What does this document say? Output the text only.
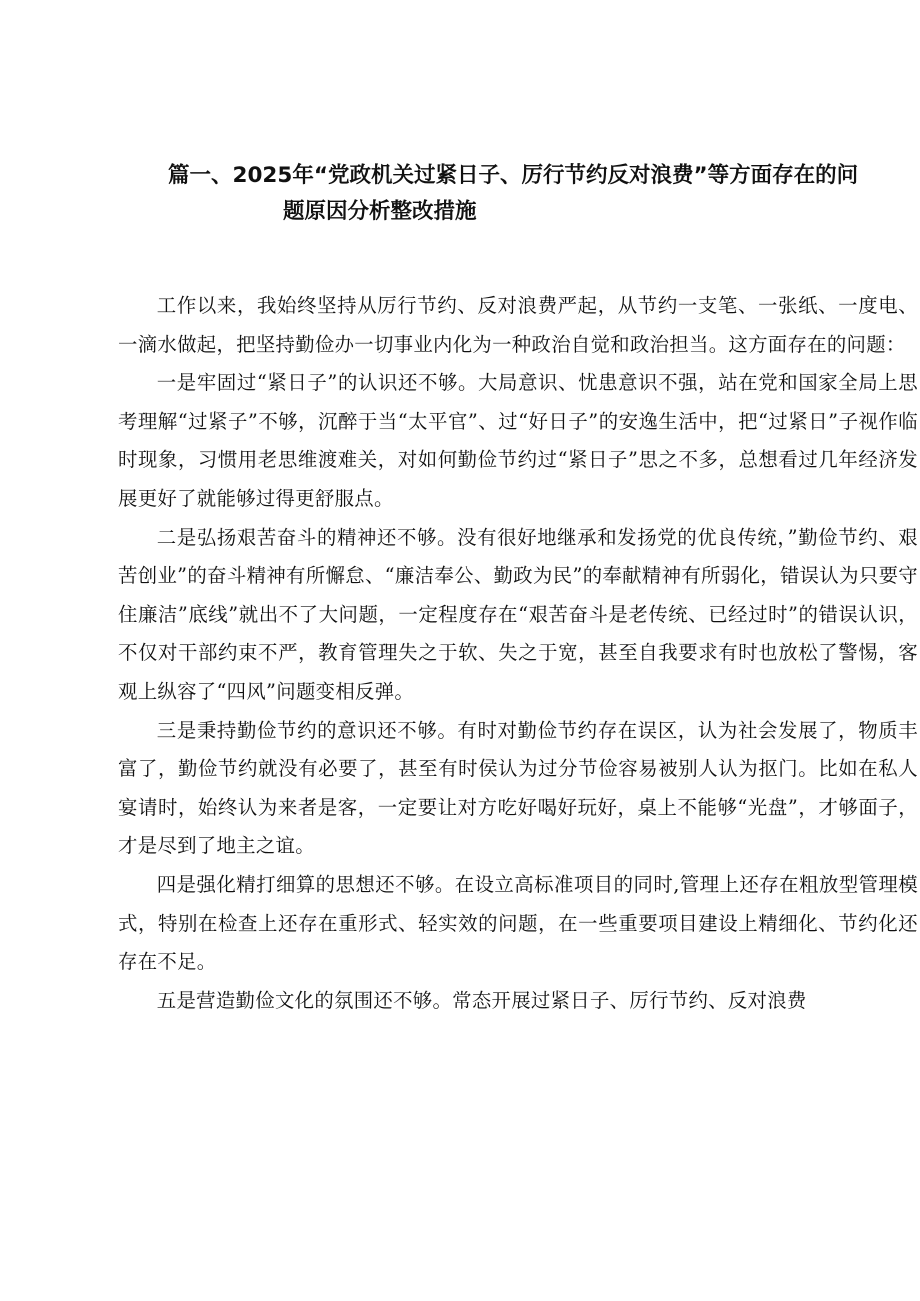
篇一、2025年“党政机关过紧日子、厉行节约反对浪费”等方面存在的问
题原因分析整改措施

工作以来，我始终坚持从厉行节约、反对浪费严起，从节约一支笔、一张纸、一度电、一滴水做起，把坚持勤俭办一切事业内化为一种政治自觉和政治担当。这方面存在的问题：

一是牢固过“紧日子”的认识还不够。大局意识、忧患意识不强，站在党和国家全局上思考理解“过紧子”不够，沉醉于当“太平官”、过“好日子”的安逸生活中，把“过紧日”子视作临时现象，习惯用老思维渡难关，对如何勤俭节约过“紧日子”思之不多，总想看过几年经济发展更好了就能够过得更舒服点。

二是弘扬艰苦奋斗的精神还不够。没有很好地继承和发扬党的优良传统，”勤俭节约、艰苦创业”的奋斗精神有所懈怠、“廉洁奉公、勤政为民”的奉献精神有所弱化，错误认为只要守住廉洁”底线”就出不了大问题，一定程度存在“艰苦奋斗是老传统、已经过时”的错误认识，不仅对干部约束不严，教育管理失之于软、失之于宽，甚至自我要求有时也放松了警惕，客观上纵容了“四风”问题变相反弹。

三是秉持勤俭节约的意识还不够。有时对勤俭节约存在误区，认为社会发展了，物质丰富了，勤俭节约就没有必要了，甚至有时侯认为过分节俭容易被别人认为抠门。比如在私人宴请时，始终认为来者是客，一定要让对方吃好喝好玩好，桌上不能够“光盘”，才够面子，才是尽到了地主之谊。

四是强化精打细算的思想还不够。在设立高标准项目的同时,管理上还存在粗放型管理模式，特别在检查上还存在重形式、轻实效的问题，在一些重要项目建设上精细化、节约化还存在不足。

五是营造勤俭文化的氛围还不够。常态开展过紧日子、厉行节约、反对浪费
